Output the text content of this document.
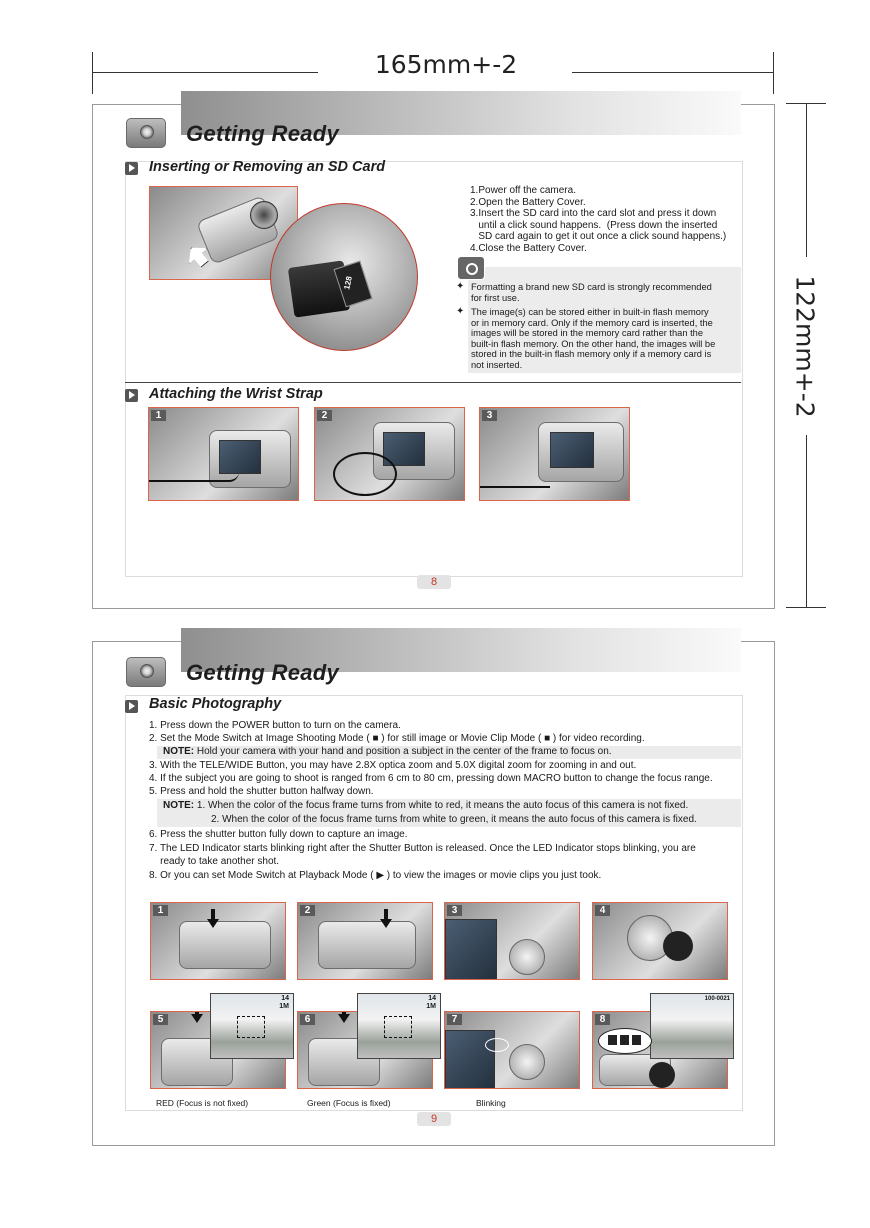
165mm+-2
122mm+-2
Getting Ready
Inserting or Removing an SD Card
128
1.Power off the camera.
2.Open the Battery Cover.
3.Insert the SD card into the card slot and press it down
until a click sound happens.  (Press down the inserted
SD card again to get it out once a click sound happens.)
4.Close the Battery Cover.
✦ Formatting a brand new SD card is strongly recommended
for first use.
✦ The image(s) can be stored either in built-in flash memory
or in memory card. Only if the memory card is inserted, the
images will be stored in the memory card rather than the
built-in flash memory. On the other hand, the images will be
stored in the built-in flash memory only if a memory card is
not inserted.
Attaching the Wrist Strap
1	2	3
8
Getting Ready
Basic Photography
1. Press down the POWER button to turn on the camera.
2. Set the Mode Switch at Image Shooting Mode ( ■ ) for still image or Movie Clip Mode ( ■ ) for video recording.
NOTE: Hold your camera with your hand and position a subject in the center of the frame to focus on.
3. With the TELE/WIDE Button, you may have 2.8X optica zoom and 5.0X digital zoom for zooming in and out.
4. If the subject you are going to shoot is ranged from 6 cm to 80 cm, pressing down MACRO button to change the focus range.
5. Press and hold the shutter button halfway down.
NOTE: 1. When the color of the focus frame turns from white to red, it means the auto focus of this camera is not fixed.
2. When the color of the focus frame turns from white to green, it means the auto focus of this camera is fixed.
6. Press the shutter button fully down to capture an image.
7. The LED Indicator starts blinking right after the Shutter Button is released. Once the LED Indicator stops blinking, you are
ready to take another shot.
8. Or you can set Mode Switch at Playback Mode ( ▶ ) to view the images or movie clips you just took.
1	2	3	4
5
14
1M
6
14
1M
7	8
100-0021
RED (Focus is not fixed)	Green (Focus is fixed)	Blinking
9
